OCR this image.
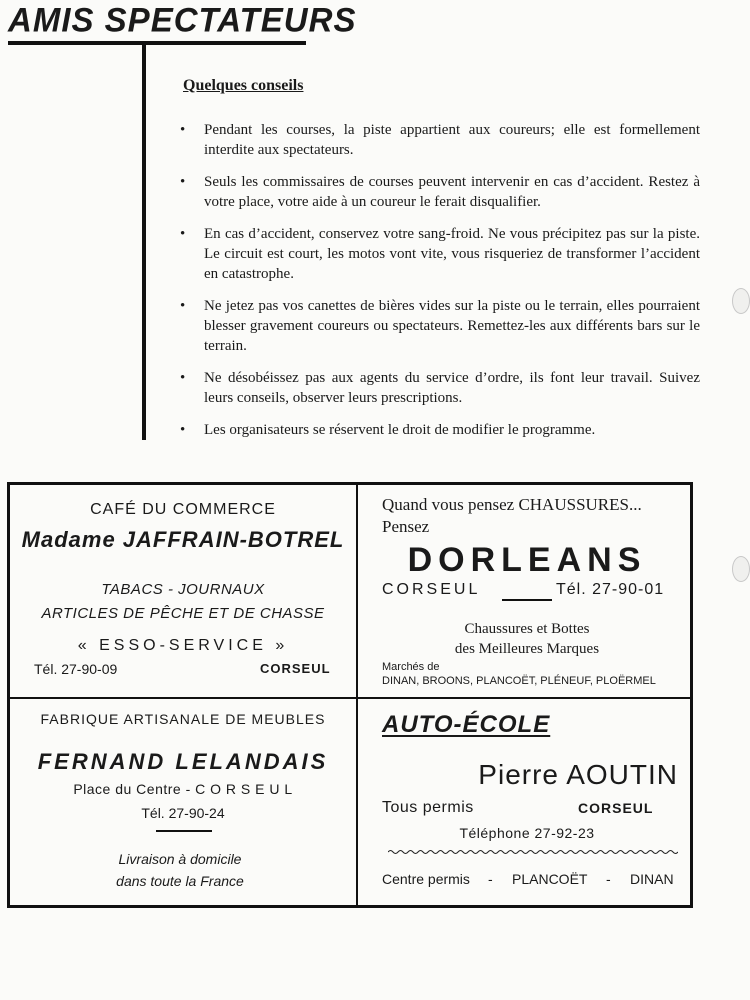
AMIS SPECTATEURS
Quelques conseils
• Pendant les courses, la piste appartient aux coureurs; elle est formellement interdite aux spectateurs.
• Seuls les commissaires de courses peuvent intervenir en cas d’accident. Restez à votre place, votre aide à un coureur le ferait disqualifier.
• En cas d’accident, conservez votre sang-froid. Ne vous précipitez pas sur la piste. Le circuit est court, les motos vont vite, vous risqueriez de transformer l’accident en catastrophe.
• Ne jetez pas vos canettes de bières vides sur la piste ou le terrain, elles pourraient blesser gravement coureurs ou spectateurs. Remettez-les aux différents bars sur le terrain.
• Ne désobéissez pas aux agents du service d’ordre, ils font leur travail. Suivez leurs conseils, observer leurs prescriptions.
• Les organisateurs se réservent le droit de modifier le programme.
CAFÉ DU COMMERCE
Madame JAFFRAIN-BOTREL
TABACS - JOURNAUX
ARTICLES DE PÊCHE ET DE CHASSE
« ESSO-SERVICE »
Tél. 27-90-09	CORSEUL
Quand vous pensez CHAUSSURES...
Pensez
DORLEANS
CORSEUL	Tél. 27-90-01
Chaussures et Bottes
des Meilleures Marques
Marchés de
DINAN, BROONS, PLANCOËT, PLÉNEUF, PLOËRMEL
FABRIQUE ARTISANALE DE MEUBLES
FERNAND LELANDAIS
Place du Centre - C O R S E U L
Tél. 27-90-24
Livraison à domicile
dans toute la France
AUTO-ÉCOLE
Pierre AOUTIN
Tous permis	CORSEUL
Téléphone 27-92-23
Centre permis - PLANCOËT - DINAN
